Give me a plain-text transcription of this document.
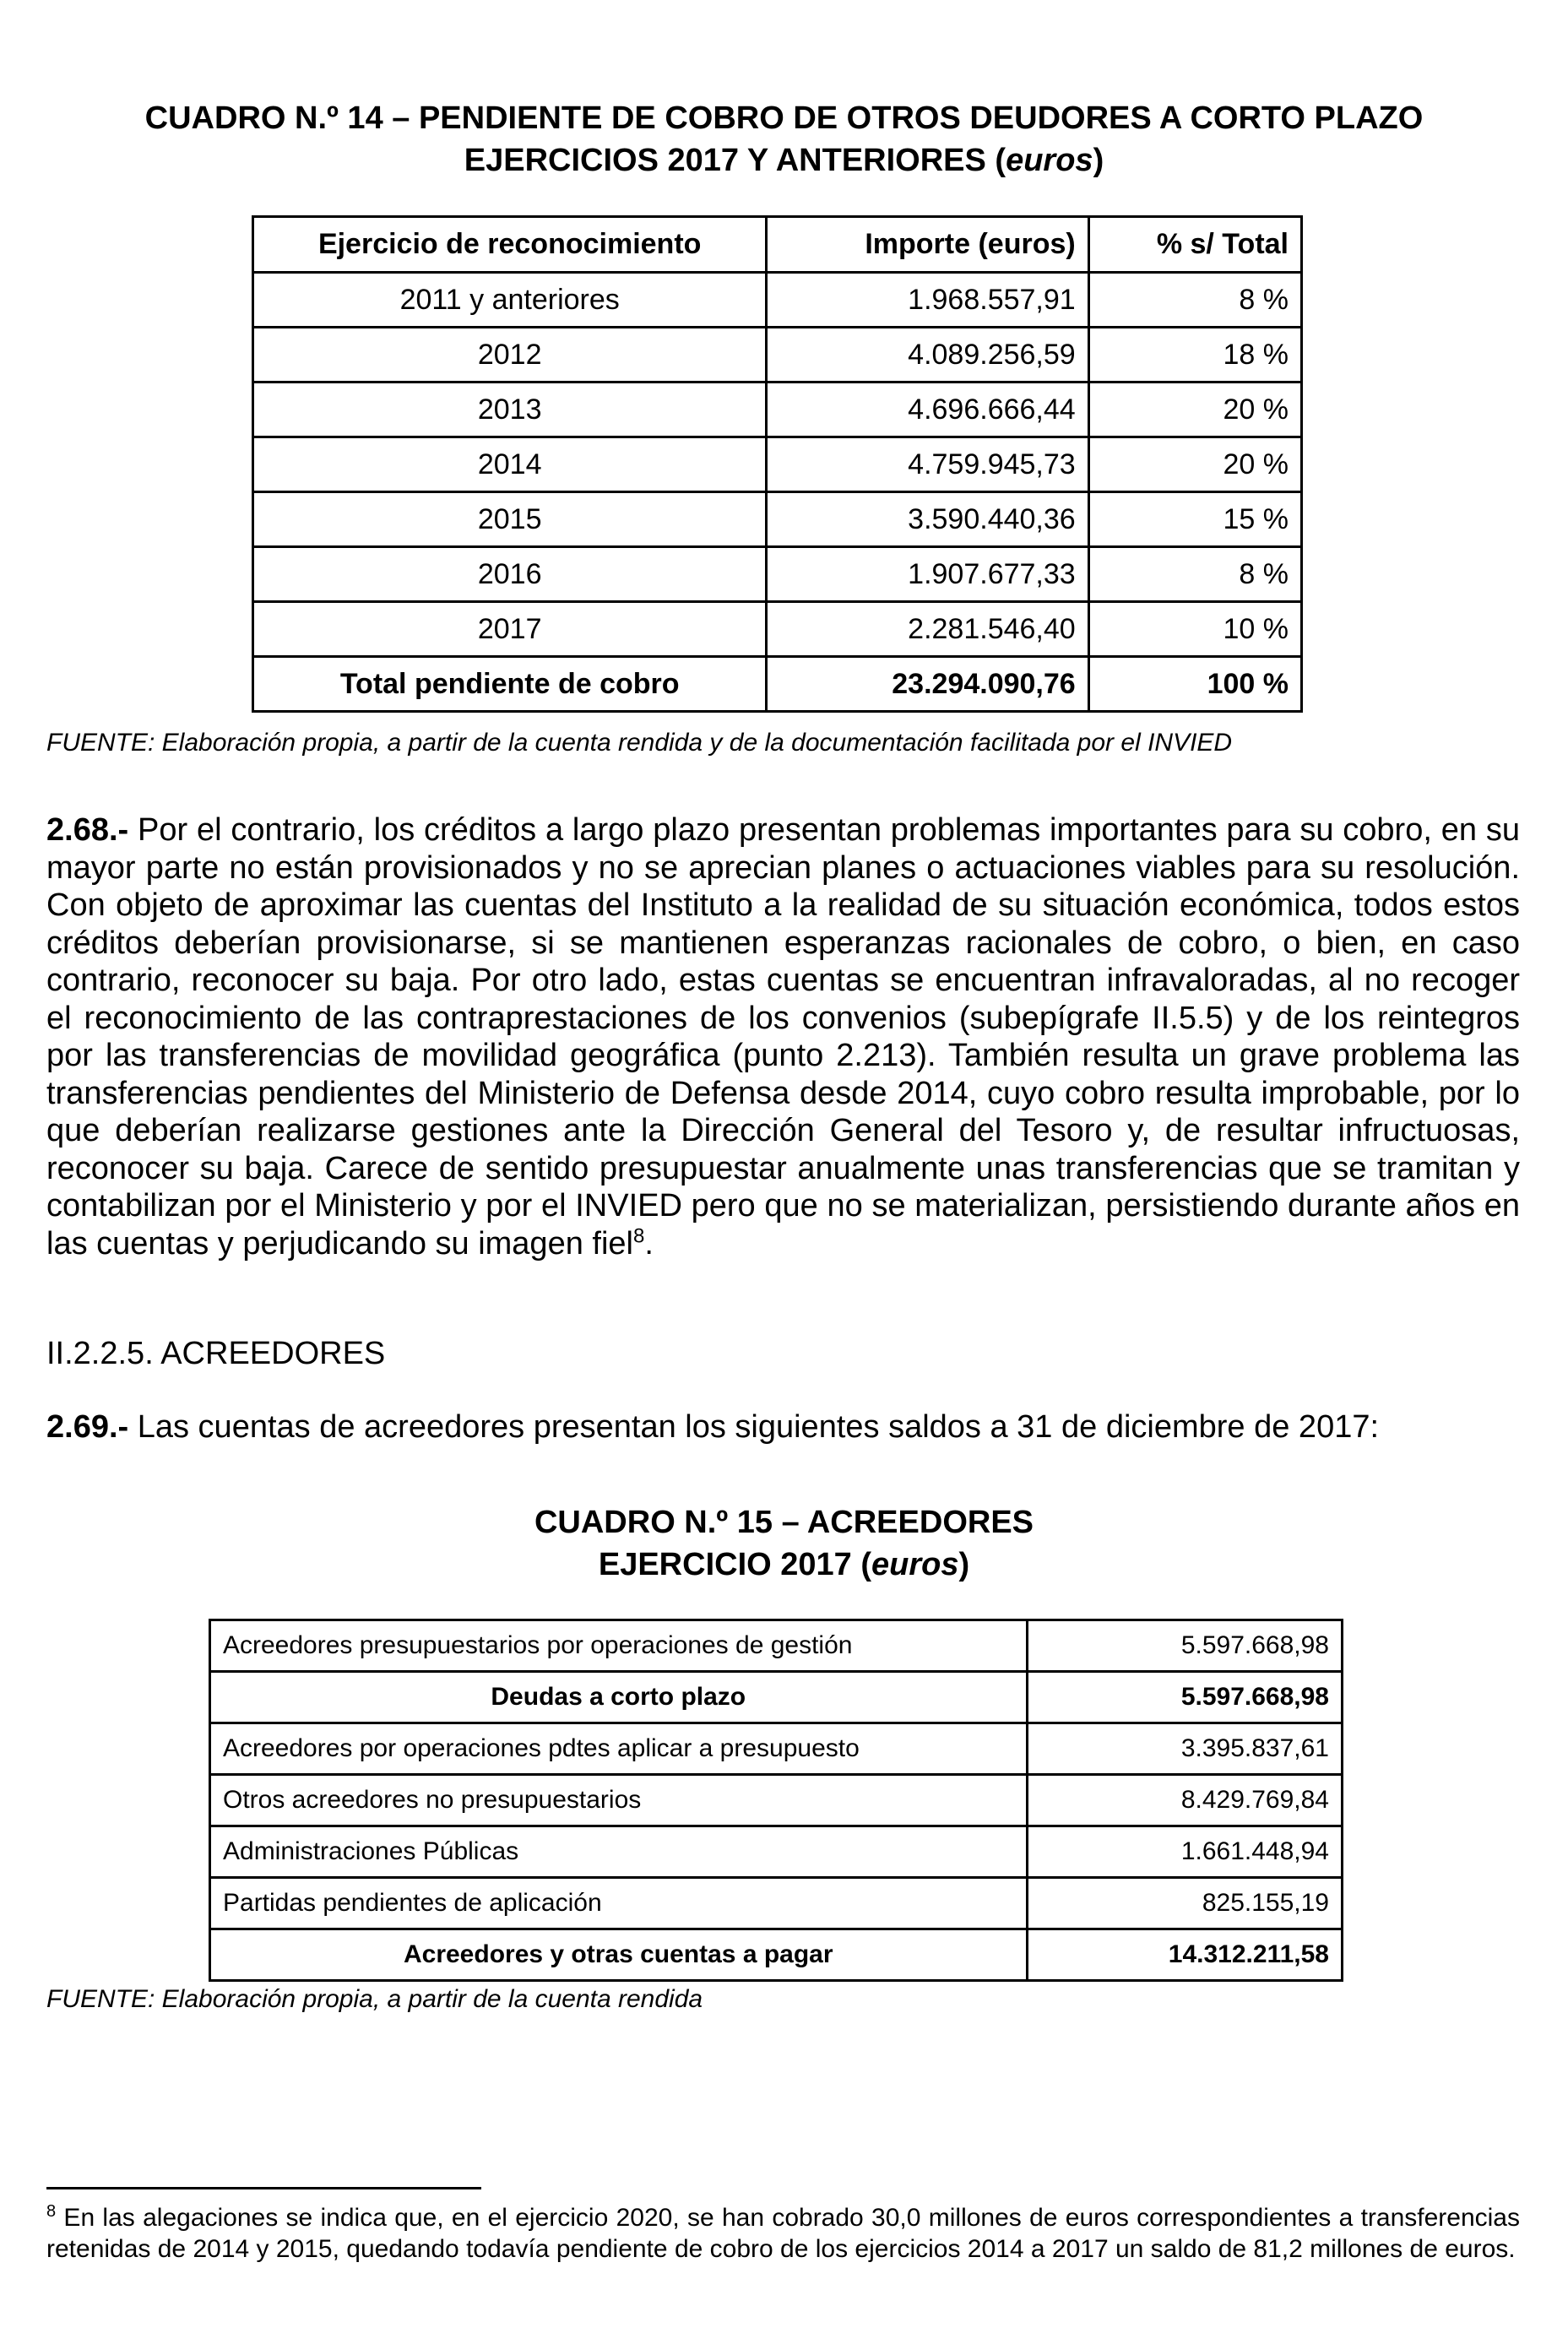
CUADRO N.º 14 – PENDIENTE DE COBRO DE OTROS DEUDORES A CORTO PLAZO
EJERCICIOS 2017 Y ANTERIORES (euros)
Ejercicio de reconocimiento	Importe (euros)	% s/ Total
2011 y anteriores	1.968.557,91	8 %
2012	4.089.256,59	18 %
2013	4.696.666,44	20 %
2014	4.759.945,73	20 %
2015	3.590.440,36	15 %
2016	1.907.677,33	8 %
2017	2.281.546,40	10 %
Total pendiente de cobro	23.294.090,76	100 %
FUENTE: Elaboración propia, a partir de la cuenta rendida y de la documentación facilitada por el INVIED
2.68.- Por el contrario, los créditos a largo plazo presentan problemas importantes para su cobro, en su mayor parte no están provisionados y no se aprecian planes o actuaciones viables para su resolución. Con objeto de aproximar las cuentas del Instituto a la realidad de su situación económica, todos estos créditos deberían provisionarse, si se mantienen esperanzas racionales de cobro, o bien, en caso contrario, reconocer su baja. Por otro lado, estas cuentas se encuentran infravaloradas, al no recoger el reconocimiento de las contraprestaciones de los convenios (subepígrafe II.5.5) y de los reintegros por las transferencias de movilidad geográfica (punto 2.213). También resulta un grave problema las transferencias pendientes del Ministerio de Defensa desde 2014, cuyo cobro resulta improbable, por lo que deberían realizarse gestiones ante la Dirección General del Tesoro y, de resultar infructuosas, reconocer su baja. Carece de sentido presupuestar anualmente unas transferencias que se tramitan y contabilizan por el Ministerio y por el INVIED pero que no se materializan, persistiendo durante años en las cuentas y perjudicando su imagen fiel$^8$.
II.2.2.5. ACREEDORES
2.69.- Las cuentas de acreedores presentan los siguientes saldos a 31 de diciembre de 2017:
CUADRO N.º 15 – ACREEDORES
EJERCICIO 2017 (euros)
Acreedores presupuestarios por operaciones de gestión	5.597.668,98
Deudas a corto plazo	5.597.668,98
Acreedores por operaciones pdtes aplicar a presupuesto	3.395.837,61
Otros acreedores no presupuestarios	8.429.769,84
Administraciones Públicas	1.661.448,94
Partidas pendientes de aplicación	825.155,19
Acreedores y otras cuentas a pagar	14.312.211,58
FUENTE: Elaboración propia, a partir de la cuenta rendida
$^8$ En las alegaciones se indica que, en el ejercicio 2020, se han cobrado 30,0 millones de euros correspondientes a transferencias retenidas de 2014 y 2015, quedando todavía pendiente de cobro de los ejercicios 2014 a 2017 un saldo de 81,2 millones de euros.
